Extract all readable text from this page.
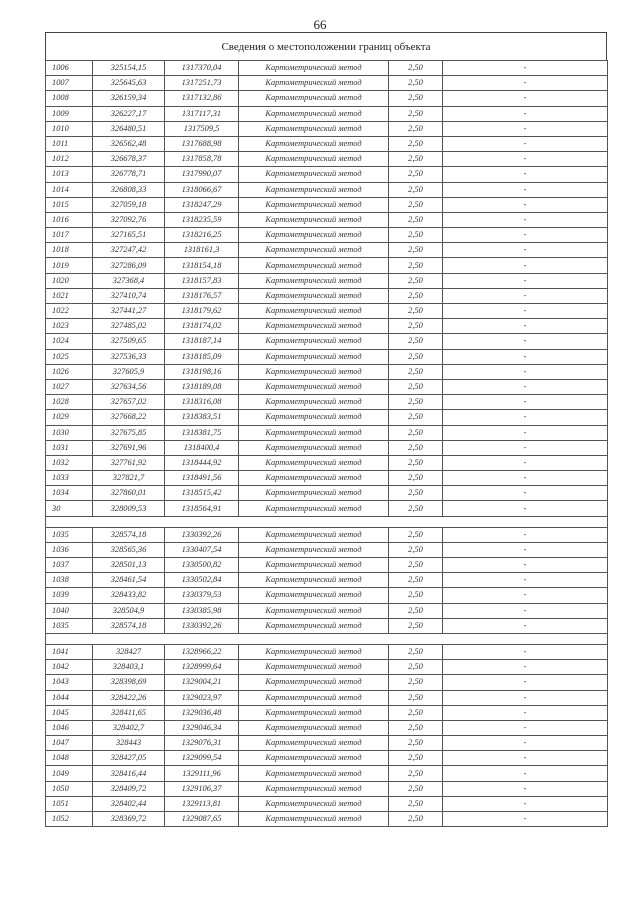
66
Сведения о местоположении границ объекта
1006	325154,15	1317370,04	Картометрический метод	2,50	-
1007	325645,63	1317251,73	Картометрический метод	2,50	-
1008	326159,34	1317132,86	Картометрический метод	2,50	-
1009	326227,17	1317117,31	Картометрический метод	2,50	-
1010	326480,51	1317509,5	Картометрический метод	2,50	-
1011	326562,48	1317688,98	Картометрический метод	2,50	-
1012	326678,37	1317858,78	Картометрический метод	2,50	-
1013	326778,71	1317990,07	Картометрический метод	2,50	-
1014	326808,33	1318066,67	Картометрический метод	2,50	-
1015	327059,18	1318247,29	Картометрический метод	2,50	-
1016	327092,76	1318235,59	Картометрический метод	2,50	-
1017	327165,51	1318216,25	Картометрический метод	2,50	-
1018	327247,42	1318161,3	Картометрический метод	2,50	-
1019	327286,09	1318154,18	Картометрический метод	2,50	-
1020	327368,4	1318157,83	Картометрический метод	2,50	-
1021	327410,74	1318176,57	Картометрический метод	2,50	-
1022	327441,27	1318179,62	Картометрический метод	2,50	-
1023	327485,02	1318174,02	Картометрический метод	2,50	-
1024	327509,65	1318187,14	Картометрический метод	2,50	-
1025	327536,33	1318185,09	Картометрический метод	2,50	-
1026	327605,9	1318198,16	Картометрический метод	2,50	-
1027	327634,56	1318189,08	Картометрический метод	2,50	-
1028	327657,02	1318316,08	Картометрический метод	2,50	-
1029	327668,22	1318383,51	Картометрический метод	2,50	-
1030	327675,85	1318381,75	Картометрический метод	2,50	-
1031	327691,96	1318400,4	Картометрический метод	2,50	-
1032	327761,92	1318444,92	Картометрический метод	2,50	-
1033	327821,7	1318491,56	Картометрический метод	2,50	-
1034	327860,01	1318515,42	Картометрический метод	2,50	-
30	328009,53	1318564,91	Картометрический метод	2,50	-

1035	328574,18	1330392,26	Картометрический метод	2,50	-
1036	328565,36	1330407,54	Картометрический метод	2,50	-
1037	328501,13	1330500,82	Картометрический метод	2,50	-
1038	328461,54	1330502,84	Картометрический метод	2,50	-
1039	328433,82	1330379,53	Картометрический метод	2,50	-
1040	328504,9	1330385,98	Картометрический метод	2,50	-
1035	328574,18	1330392,26	Картометрический метод	2,50	-

1041	328427	1328966,22	Картометрический метод	2,50	-
1042	328403,1	1328999,64	Картометрический метод	2,50	-
1043	328398,69	1329004,21	Картометрический метод	2,50	-
1044	328422,26	1329023,97	Картометрический метод	2,50	-
1045	328411,65	1329036,48	Картометрический метод	2,50	-
1046	328402,7	1329046,34	Картометрический метод	2,50	-
1047	328443	1329076,31	Картометрический метод	2,50	-
1048	328427,05	1329099,54	Картометрический метод	2,50	-
1049	328416,44	1329111,96	Картометрический метод	2,50	-
1050	328409,72	1329106,37	Картометрический метод	2,50	-
1051	328402,44	1329113,81	Картометрический метод	2,50	-
1052	328369,72	1329087,65	Картометрический метод	2,50	-
